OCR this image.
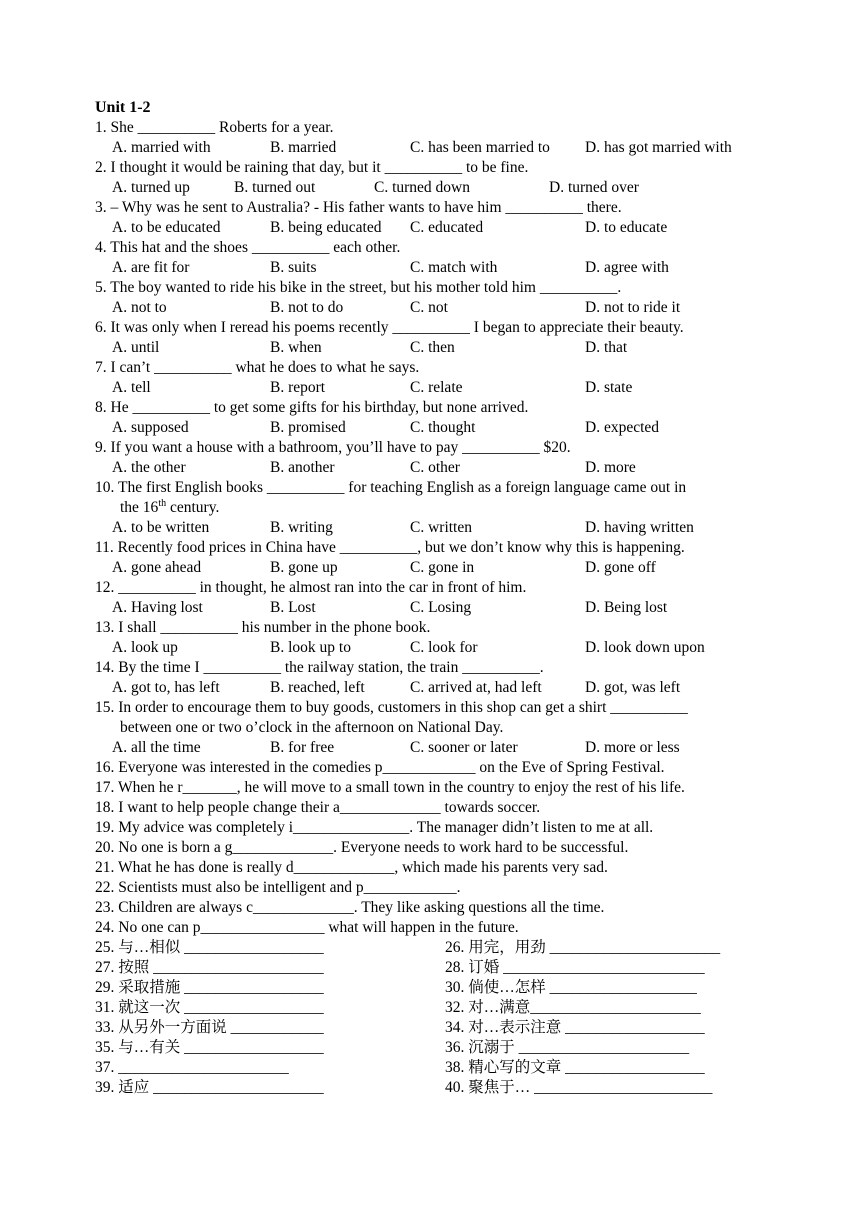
Unit 1-2
1. She __________ Roberts for a year.
A. married with	B. married	C. has been married to D. has got married with
2. I thought it would be raining that day, but it __________ to be fine.
A. turned up	B. turned out	C. turned down	D. turned over
3. – Why was he sent to Australia? - His father wants to have him __________ there.
A. to be educated	B. being educated C. educated	D. to educate
4. This hat and the shoes __________ each other.
A. are fit for	B. suits	C. match with	D. agree with
5. The boy wanted to ride his bike in the street, but his mother told him __________.
A. not to	B. not to do	C. not	D. not to ride it
6. It was only when I reread his poems recently __________ I began to appreciate their beauty.
A. until	B. when	C. then	D. that
7. I can’t __________ what he does to what he says.
A. tell	B. report	C. relate	D. state
8. He __________ to get some gifts for his birthday, but none arrived.
A. supposed	B. promised	C. thought	D. expected
9. If you want a house with a bathroom, you’ll have to pay __________ $20.
A. the other	B. another	C. other	D. more
10. The first English books __________ for teaching English as a foreign language came out in
the 16th century.
A. to be written	B. writing	C. written	D. having written
11. Recently food prices in China have __________, but we don’t know why this is happening.
A. gone ahead	B. gone up	C. gone in	D. gone off
12. __________ in thought, he almost ran into the car in front of him.
A. Having lost	B. Lost	C. Losing	D. Being lost
13. I shall __________ his number in the phone book.
A. look up	B. look up to	C. look for	D. look down upon
14. By the time I __________ the railway station, the train __________.
A. got to, has left	B. reached, left	C. arrived at, had left	D. got, was left
15. In order to encourage them to buy goods, customers in this shop can get a shirt __________
between one or two o’clock in the afternoon on National Day.
A. all the time	B. for free	C. sooner or later	D. more or less
16. Everyone was interested in the comedies p____________ on the Eve of Spring Festival.
17. When he r_______, he will move to a small town in the country to enjoy the rest of his life.
18. I want to help people change their a_____________ towards soccer.
19. My advice was completely i_______________. The manager didn’t listen to me at all.
20. No one is born a g_____________. Everyone needs to work hard to be successful.
21. What he has done is really d_____________, which made his parents very sad.
22. Scientists must also be intelligent and p____________.
23. Children are always c_____________. They like asking questions all the time.
24. No one can p________________ what will happen in the future.
25. 与…相似 __________________	26. 用完，用劲 ______________________
27. 按照 ______________________	28. 订婚 __________________________
29. 采取措施 __________________	30. 倘使…怎样 ___________________
31. 就这一次 __________________	32. 对…满意______________________
33. 从另外一方面说 ____________	34. 对…表示注意 __________________
35. 与…有关 __________________	36. 沉溺于 ______________________
37. ______________________	38. 精心写的文章 __________________
39. 适应 ______________________	40. 聚焦于… _______________________
